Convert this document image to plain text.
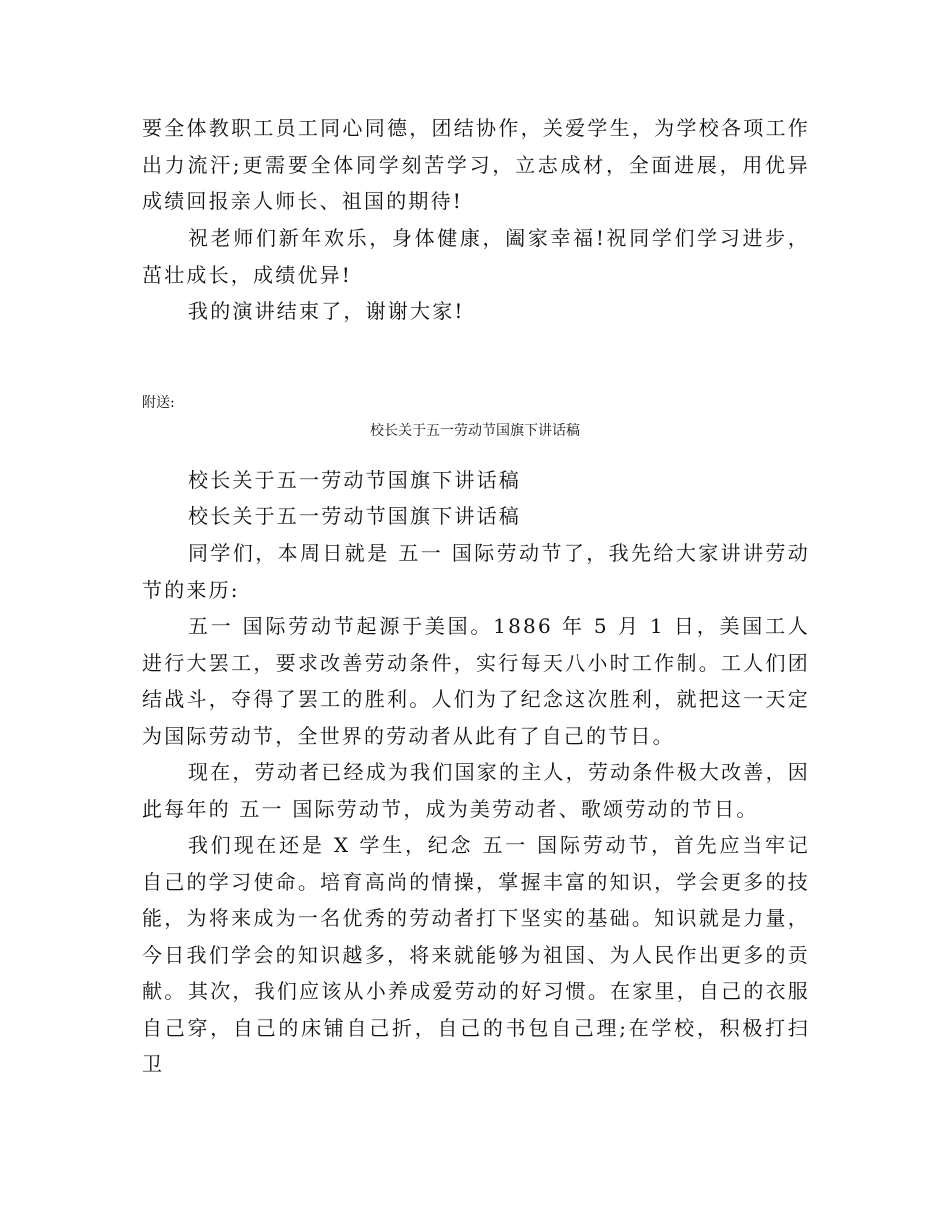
要全体教职工员工同心同德，团结协作，关爱学生，为学校各项工作出力流汗;更需要全体同学刻苦学习，立志成材，全面进展，用优异成绩回报亲人师长、祖国的期待!

祝老师们新年欢乐，身体健康，阖家幸福!祝同学们学习进步，茁壮成长，成绩优异!

我的演讲结束了，谢谢大家!

附送:

校长关于五一劳动节国旗下讲话稿

校长关于五一劳动节国旗下讲话稿

校长关于五一劳动节国旗下讲话稿

同学们，本周日就是 五一 国际劳动节了，我先给大家讲讲劳动节的来历:

五一 国际劳动节起源于美国。1886 年 5 月 1 日，美国工人进行大罢工，要求改善劳动条件，实行每天八小时工作制。工人们团结战斗，夺得了罢工的胜利。人们为了纪念这次胜利，就把这一天定为国际劳动节，全世界的劳动者从此有了自己的节日。

现在，劳动者已经成为我们国家的主人，劳动条件极大改善，因此每年的 五一 国际劳动节，成为美劳动者、歌颂劳动的节日。

我们现在还是 X 学生，纪念 五一 国际劳动节，首先应当牢记自己的学习使命。培育高尚的情操，掌握丰富的知识，学会更多的技能，为将来成为一名优秀的劳动者打下坚实的基础。知识就是力量，今日我们学会的知识越多，将来就能够为祖国、为人民作出更多的贡献。 其次，我们应该从小养成爱劳动的好习惯。在家里，自己的衣服自己穿，自己的床铺自己折，自己的书包自己理;在学校，积极打扫卫
